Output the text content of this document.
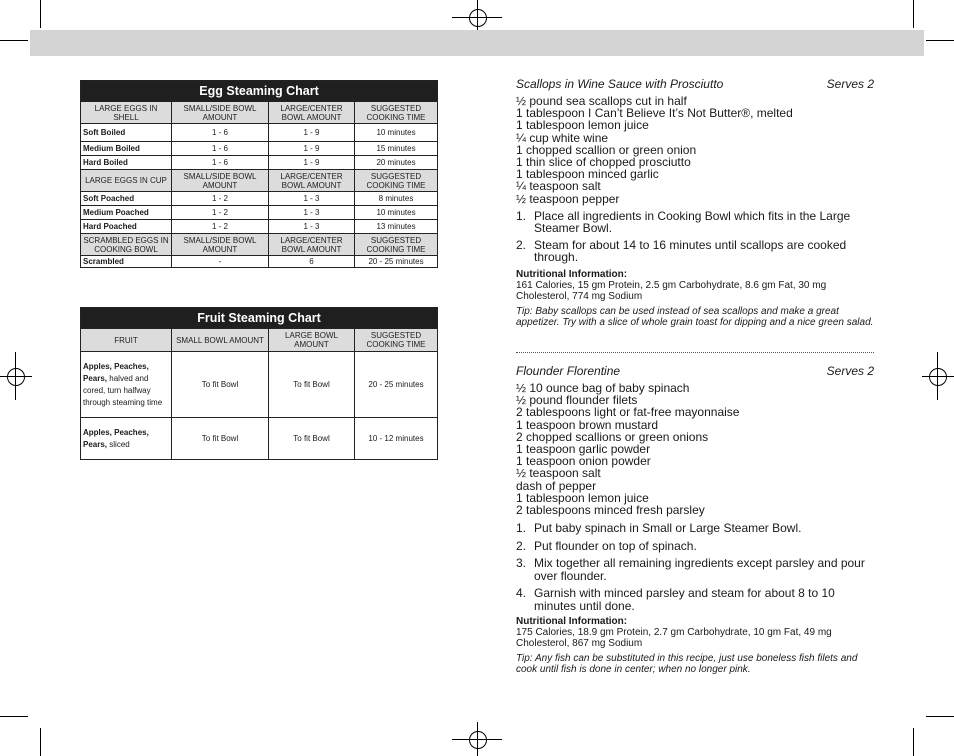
Egg Steaming Chart			
LARGE EGGS IN SHELL	SMALL/SIDE BOWL AMOUNT	LARGE/CENTER BOWL AMOUNT	SUGGESTED COOKING TIME
Soft Boiled	1 - 6	1 - 9	10 minutes
Medium Boiled	1 - 6	1 - 9	15 minutes
Hard Boiled	1 - 6	1 - 9	20 minutes
LARGE EGGS IN CUP	SMALL/SIDE BOWL AMOUNT	LARGE/CENTER BOWL AMOUNT	SUGGESTED COOKING TIME
Soft Poached	1 - 2	1 - 3	8 minutes
Medium Poached	1 - 2	1 - 3	10 minutes
Hard Poached	1 - 2	1 - 3	13 minutes
SCRAMBLED EGGS IN COOKING BOWL	SMALL/SIDE BOWL AMOUNT	LARGE/CENTER BOWL AMOUNT	SUGGESTED COOKING TIME
Scrambled	-	6	20 - 25 minutes
Fruit Steaming Chart			
FRUIT	SMALL BOWL AMOUNT	LARGE BOWL AMOUNT	SUGGESTED COOKING TIME
Apples, Peaches, Pears, halved and cored, turn halfway through steaming time	To fit Bowl	To fit Bowl	20 - 25 minutes
Apples, Peaches, Pears, sliced	To fit Bowl	To fit Bowl	10 - 12 minutes
Scallops in Wine Sauce with Prosciutto	Serves 2
½ pound sea scallops cut in half
1 tablespoon I Can’t Believe It’s Not Butter®, melted
1 tablespoon lemon juice
¼ cup white wine
1 chopped scallion or green onion
1 thin slice of chopped prosciutto
1 tablespoon minced garlic
¼ teaspoon salt
½ teaspoon pepper
1. Place all ingredients in Cooking Bowl which fits in the Large Steamer Bowl.
2. Steam for about 14 to 16 minutes until scallops are cooked through.
Nutritional Information:
161 Calories, 15 gm Protein, 2.5 gm Carbohydrate, 8.6 gm Fat, 30 mg Cholesterol, 774 mg Sodium
Tip: Baby scallops can be used instead of sea scallops and make a great appetizer. Try with a slice of whole grain toast for dipping and a nice green salad.
Flounder Florentine	Serves 2
½ 10 ounce bag of baby spinach
½ pound flounder filets
2 tablespoons light or fat-free mayonnaise
1 teaspoon brown mustard
2 chopped scallions or green onions
1 teaspoon garlic powder
1 teaspoon onion powder
½ teaspoon salt
dash of pepper
1 tablespoon lemon juice
2 tablespoons minced fresh parsley
1. Put baby spinach in Small or Large Steamer Bowl.
2. Put flounder on top of spinach.
3. Mix together all remaining ingredients except parsley and pour over flounder.
4. Garnish with minced parsley and steam for about 8 to 10 minutes until done.
Nutritional Information:
175 Calories, 18.9 gm Protein, 2.7 gm Carbohydrate, 10 gm Fat, 49 mg Cholesterol, 867 mg Sodium
Tip: Any fish can be substituted in this recipe, just use boneless fish filets and cook until fish is done in center; when no longer pink.
